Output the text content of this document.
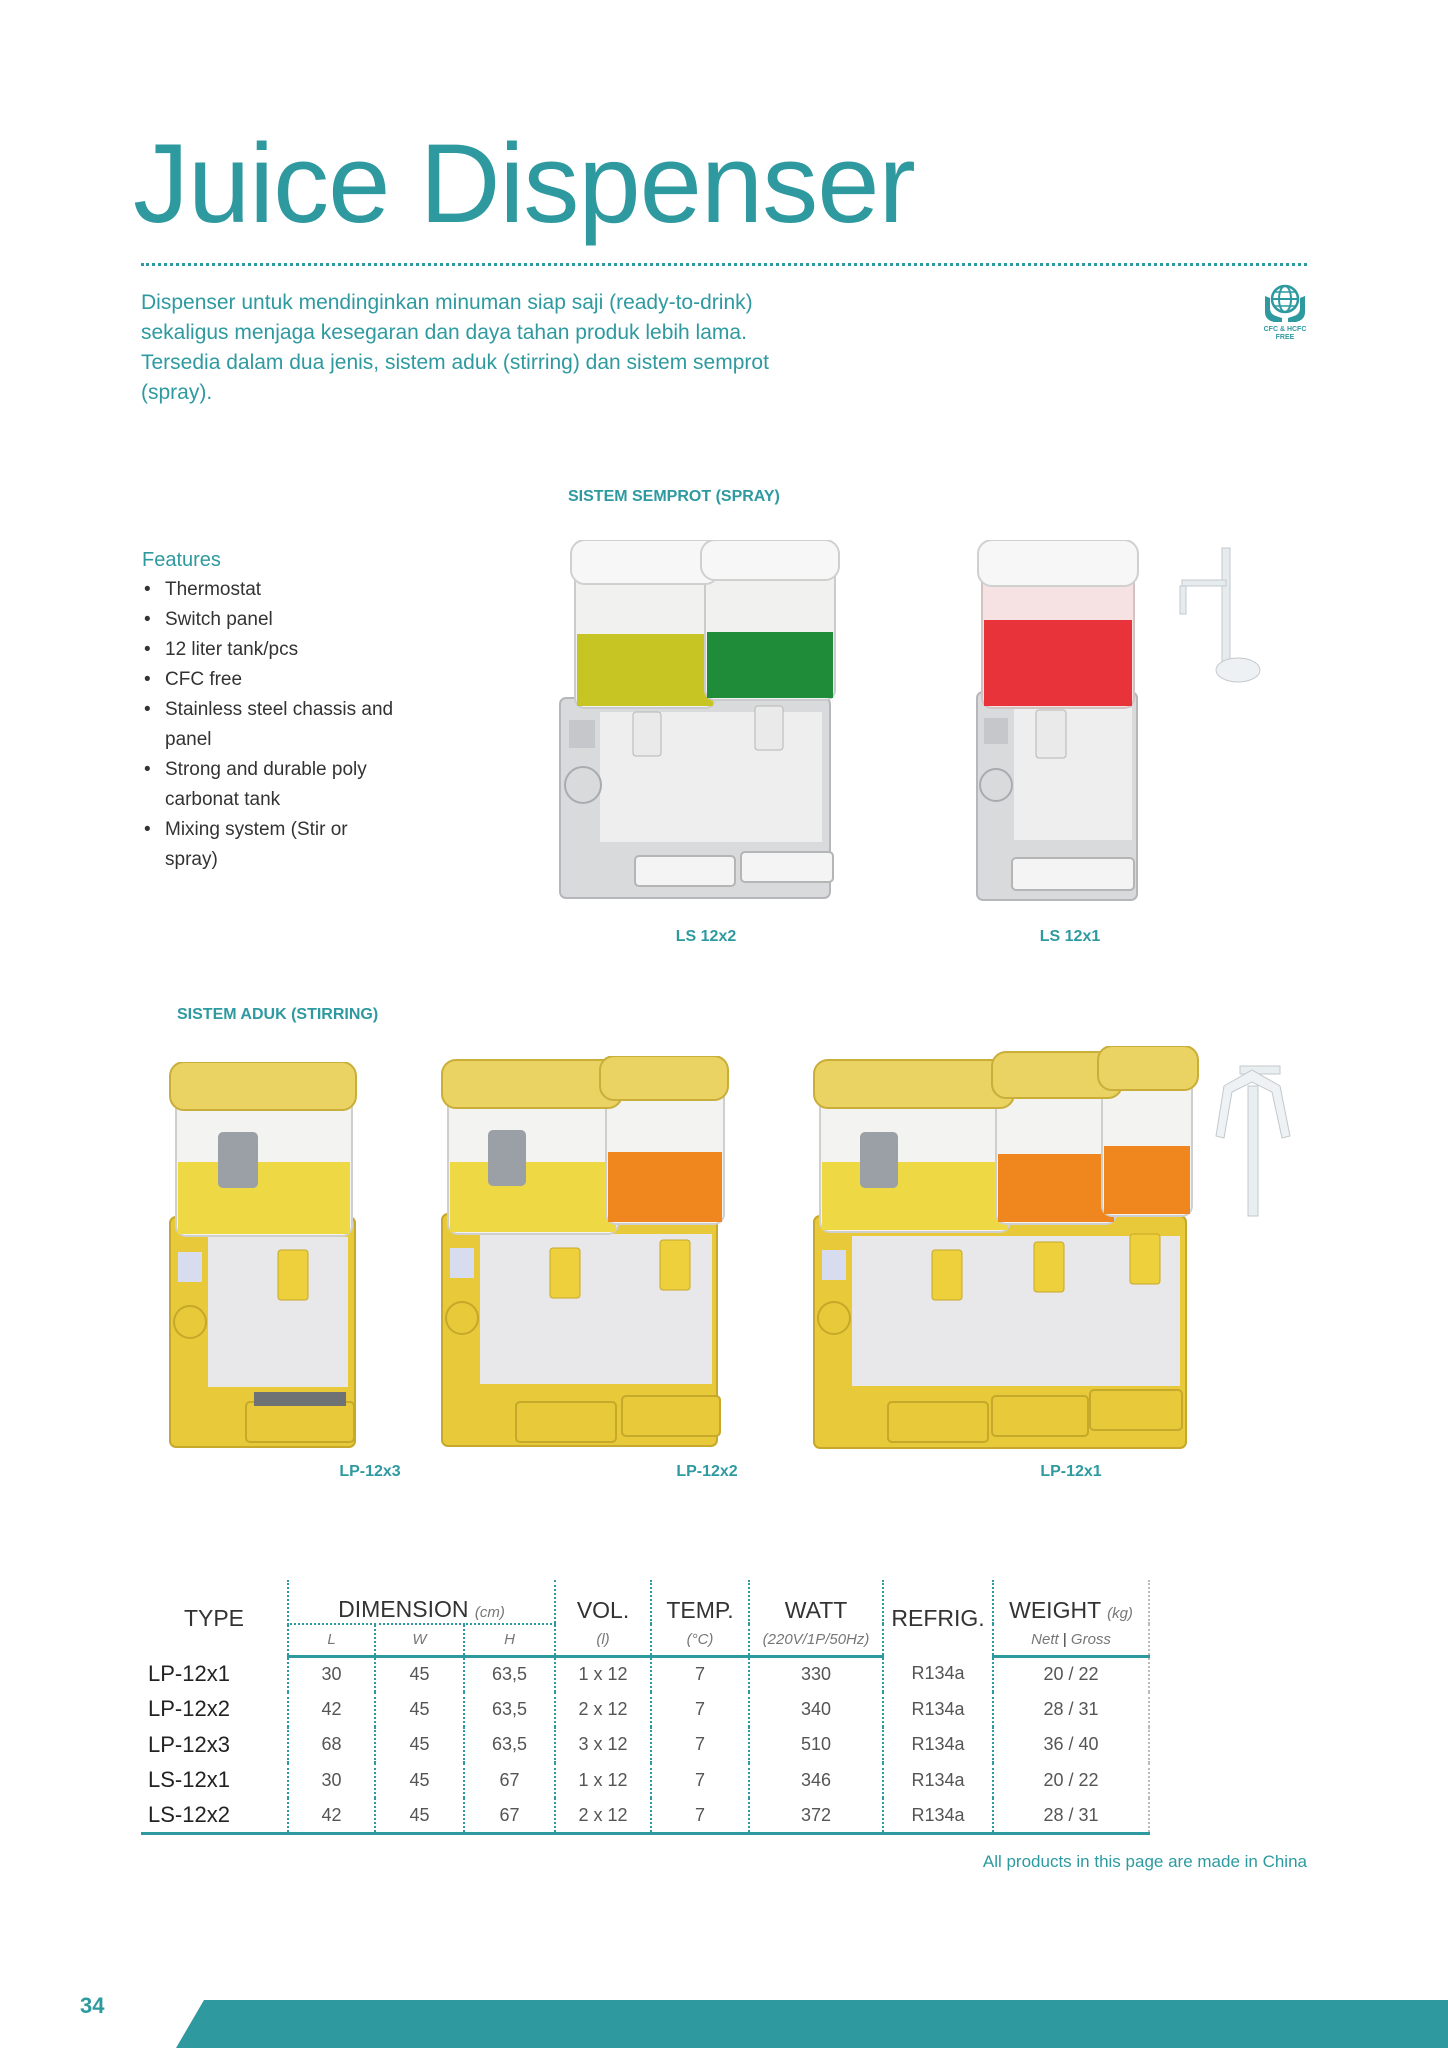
Juice Dispenser

Dispenser untuk mendinginkan minuman siap saji (ready-to-drink) sekaligus menjaga kesegaran dan daya tahan produk lebih lama. Tersedia dalam dua jenis, sistem aduk (stirring) dan sistem semprot (spray).

CFC & HCFC
FREE
SISTEM SEMPROT (SPRAY)
Features
• Thermostat
• Switch panel
• 12 liter tank/pcs
• CFC free
• Stainless steel chassis and panel
• Strong and durable poly carbonat tank
• Mixing system (Stir or spray)
LS 12x2	LS 12x1
SISTEM ADUK (STIRRING)
LP-12x3	LP-12x2	LP-12x1
TYPE	DIMENSION (cm)			VOL.	TEMP.	WATT	REFRIG.	WEIGHT (kg)
	L	W	H	(l)	(°C)	(220V/1P/50Hz)		Nett | Gross
LP-12x1	30	45	63,5	1 x 12	7	330	R134a	20 / 22
LP-12x2	42	45	63,5	2 x 12	7	340	R134a	28 / 31
LP-12x3	68	45	63,5	3 x 12	7	510	R134a	36 / 40
LS-12x1	30	45	67	1 x 12	7	346	R134a	20 / 22
LS-12x2	42	45	67	2 x 12	7	372	R134a	28 / 31
All products in this page are made in China
34
